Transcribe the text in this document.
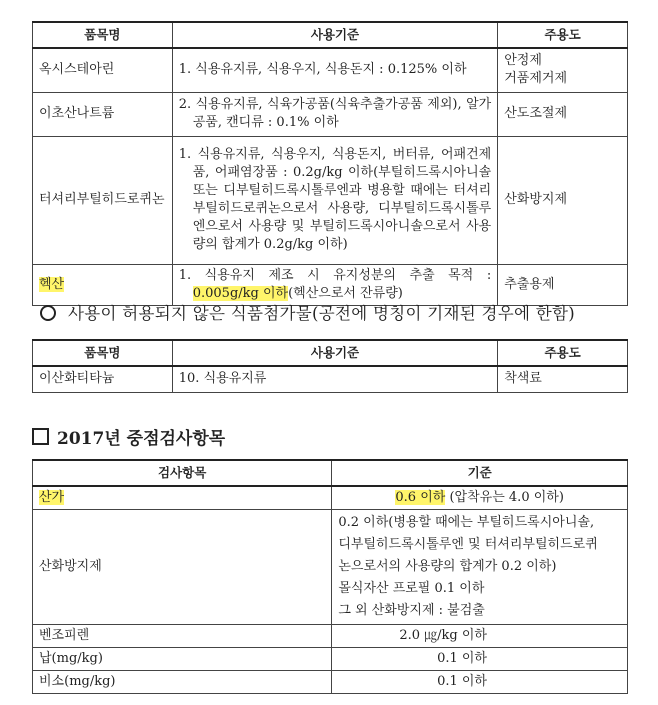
품목명	사용기준	주용도
옥시스테아린	1. 식용유지류, 식용우지, 식용돈지 : 0.125% 이하	안정제
거품제거제

이초산나트륨	2. 식용유지류, 식육가공품(식육추출가공품 제외), 알가공품, 캔디류 : 0.1% 이하	산도조절제

터셔리부틸히드로퀴논	1. 식용유지류, 식용우지, 식용돈지, 버터류, 어패건제품, 어패염장품 : 0.2g/kg 이하(부틸히드록시아니솔 또는 디부틸히드록시톨루엔과 병용할 때에는 터셔리부틸히드로퀴논으로서 사용량, 디부틸히드록시톨루엔으로서 사용량 및 부틸히드록시아니솔으로서 사용량의 합계가 0.2g/kg 이하)	산화방지제

헥산	1. 식용유지 제조 시 유지성분의 추출 목적 : 0.005g/kg 이하(헥산으로서 잔류량)	추출용제
사용이 허용되지 않은 식품첨가물(공전에 명칭이 기재된 경우에 한함)
품목명	사용기준	주용도
이산화티타늄	10. 식용유지류	착색료
2017년 중점검사항목
검사항목	기준
산가	0.6 이하 (압착유는 4.0 이하)
산화방지제	0.2 이하(병용할 때에는 부틸히드록시아니솔,
디부틸히드록시톨루엔 및 터셔리부틸히드로퀴
논으로서의 사용량의 합계가 0.2 이하)
몰식자산 프로필 0.1 이하
그 외 산화방지제 : 불검출

벤조피렌	2.0 ㎍/kg 이하
납(mg/kg)	0.1 이하
비소(mg/kg)	0.1 이하
